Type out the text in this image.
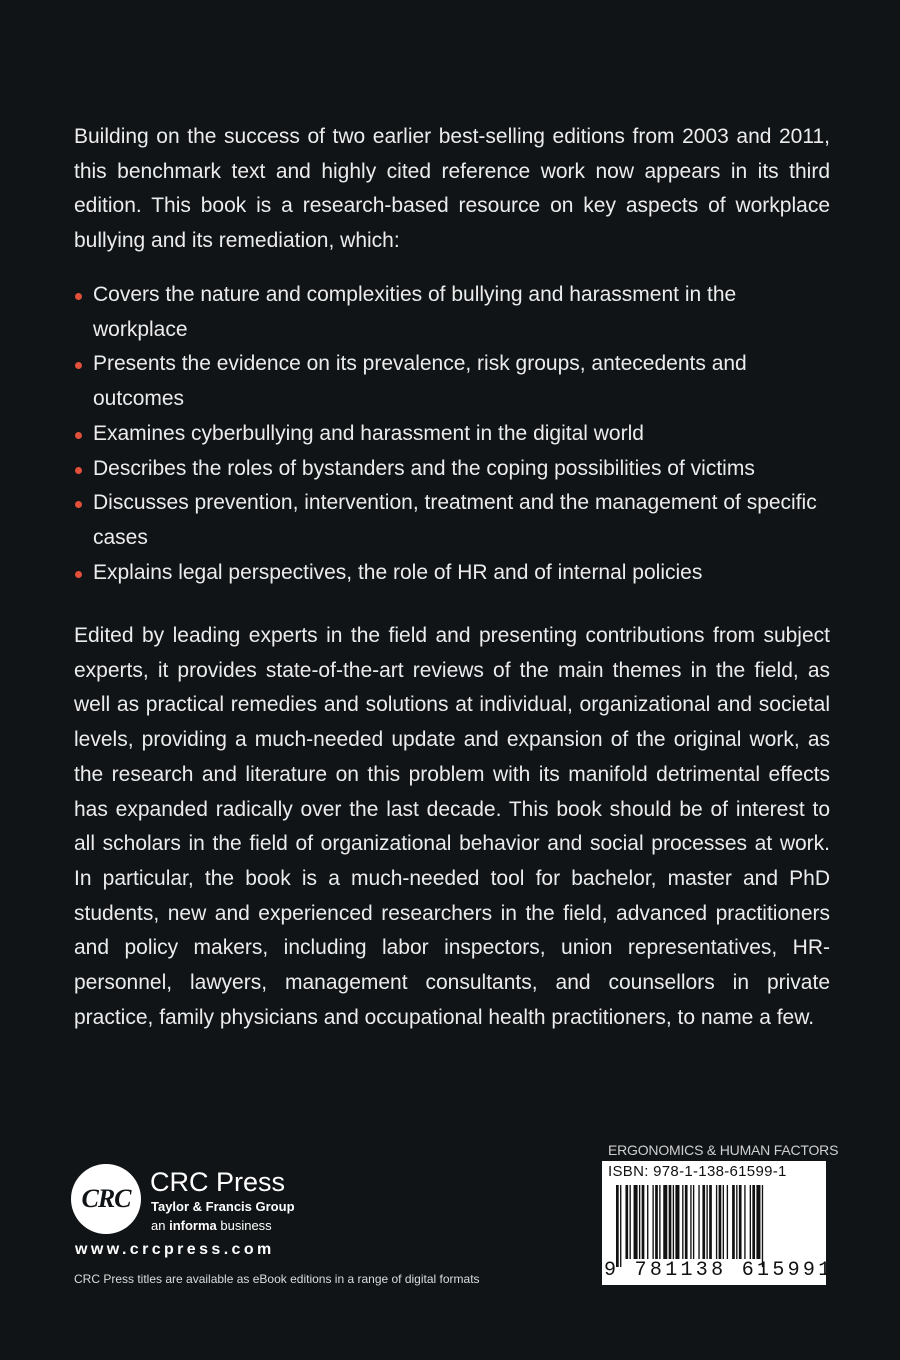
Building on the success of two earlier best-selling editions from 2003 and 2011, this benchmark text and highly cited reference work now appears in its third edition. This book is a research-based resource on key aspects of workplace bullying and its remediation, which:

Covers the nature and complexities of bullying and harassment in the workplace
Presents the evidence on its prevalence, risk groups, antecedents and outcomes
Examines cyberbullying and harassment in the digital world
Describes the roles of bystanders and the coping possibilities of victims
Discusses prevention, intervention, treatment and the management of specific cases
Explains legal perspectives, the role of HR and of internal policies

Edited by leading experts in the field and presenting contributions from subject experts, it provides state-of-the-art reviews of the main themes in the field, as well as practical remedies and solutions at individual, organizational and societal levels, providing a much-needed update and expansion of the original work, as the research and literature on this problem with its manifold detrimental effects has expanded radically over the last decade. This book should be of interest to all scholars in the field of organizational behavior and social processes at work. In particular, the book is a much-needed tool for bachelor, master and PhD students, new and experienced researchers in the field, advanced practitioners and policy makers, including labor inspectors, union representatives, HR-personnel, lawyers, management consultants, and counsellors in private practice, family physicians and occupational health practitioners, to name a few.

CRC
CRC Press
Taylor & Francis Group
an informa business
www.crcpress.com
CRC Press titles are available as eBook editions in a range of digital formats
ERGONOMICS & HUMAN FACTORS
ISBN: 978-1-138-61599-1
9 781138 615991
